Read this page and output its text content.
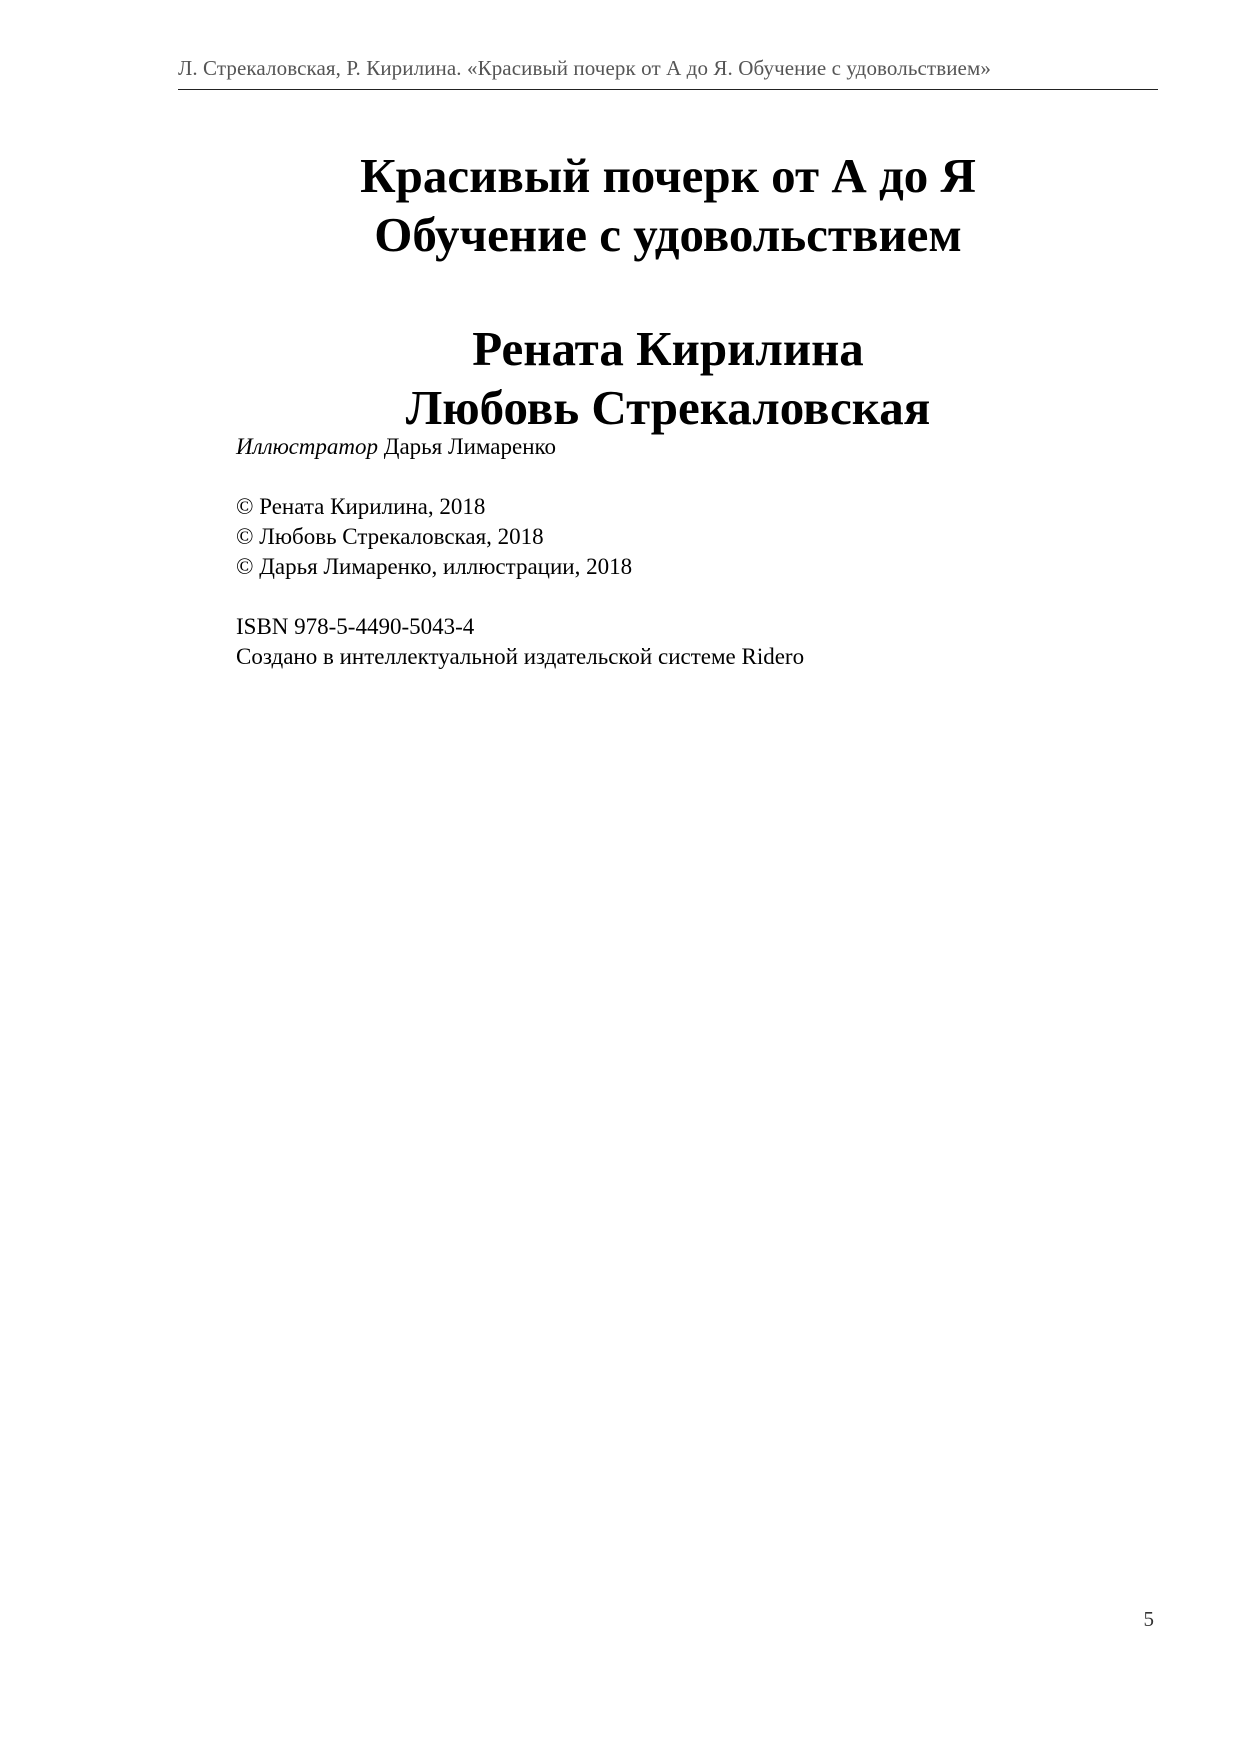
Л. Стрекаловская, Р. Кирилина. «Красивый почерк от А до Я. Обучение с удовольствием»
Красивый почерк от А до Я
Обучение с удовольствием
Рената Кирилина
Любовь Стрекаловская
Иллюстратор Дарья Лимаренко
© Рената Кирилина, 2018
© Любовь Стрекаловская, 2018
© Дарья Лимаренко, иллюстрации, 2018
ISBN 978-5-4490-5043-4
Создано в интеллектуальной издательской системе Ridero
5
